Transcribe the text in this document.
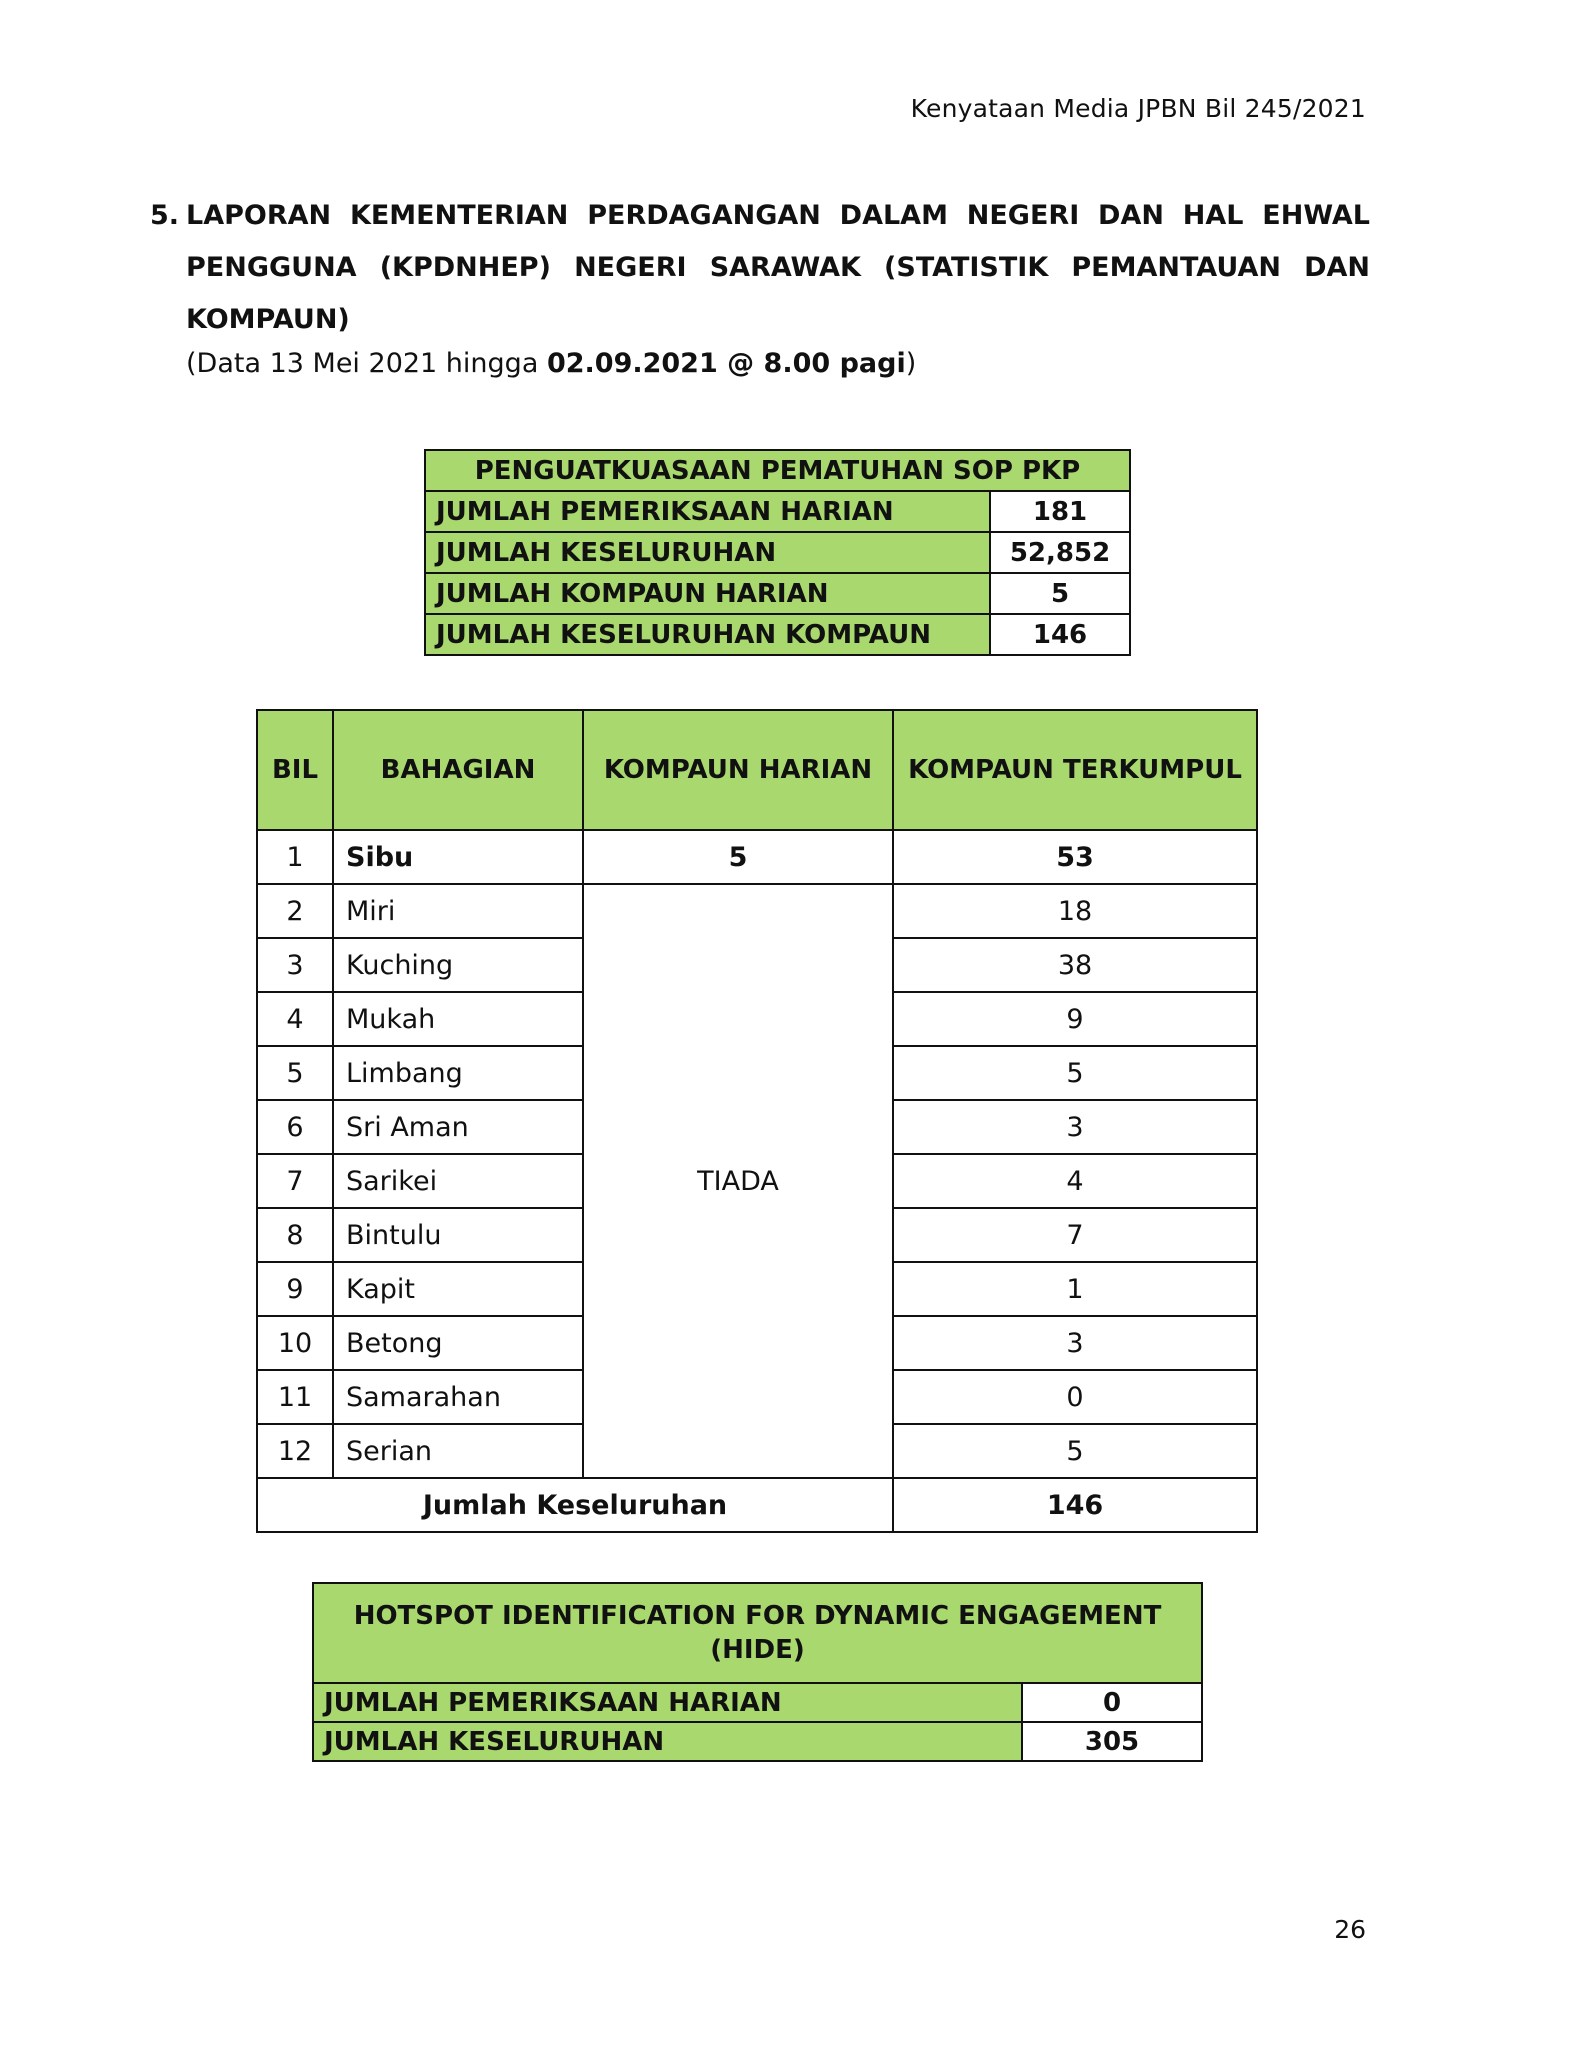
Kenyataan Media JPBN Bil 245/2021
5. LAPORAN KEMENTERIAN PERDAGANGAN DALAM NEGERI DAN HAL EHWAL
PENGGUNA (KPDNHEP) NEGERI SARAWAK (STATISTIK PEMANTAUAN DAN
KOMPAUN)
(Data 13 Mei 2021 hingga 02.09.2021 @ 8.00 pagi)
PENGUATKUASAAN PEMATUHAN SOP PKP	
JUMLAH PEMERIKSAAN HARIAN	181
JUMLAH KESELURUHAN	52,852
JUMLAH KOMPAUN HARIAN	5
JUMLAH KESELURUHAN KOMPAUN	146
BIL	BAHAGIAN	KOMPAUN HARIAN	KOMPAUN TERKUMPUL
1	Sibu	5	53
2	Miri	TIADA	18
3	Kuching		38
4	Mukah		9
5	Limbang		5
6	Sri Aman		3
7	Sarikei		4
8	Bintulu		7
9	Kapit		1
10	Betong		3
11	Samarahan		0
12	Serian		5
Jumlah Keseluruhan			146
HOTSPOT IDENTIFICATION FOR DYNAMIC ENGAGEMENT (HIDE)	
JUMLAH PEMERIKSAAN HARIAN	0
JUMLAH KESELURUHAN	305
26
